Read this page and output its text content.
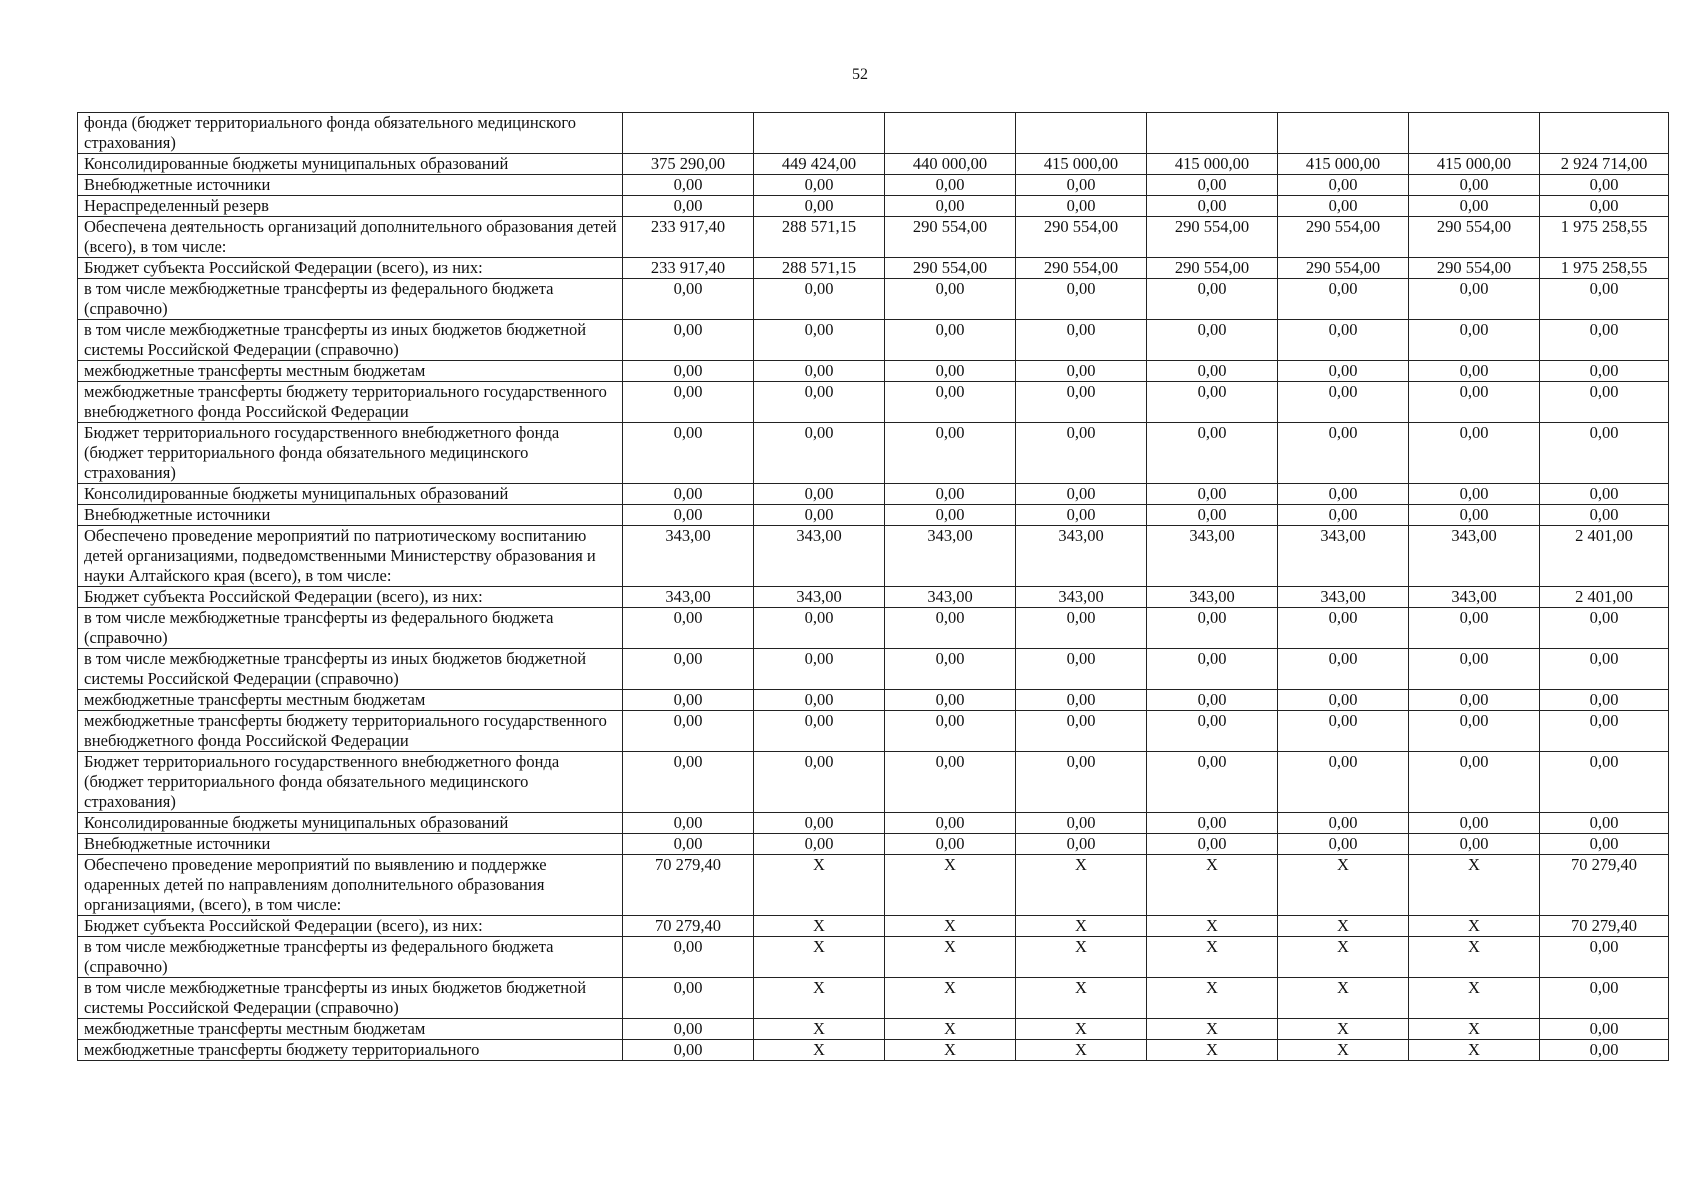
52
фонда (бюджет территориального фонда обязательного медицинского страхования)								
Консолидированные бюджеты муниципальных образований	375 290,00	449 424,00	440 000,00	415 000,00	415 000,00	415 000,00	415 000,00	2 924 714,00
Внебюджетные источники	0,00	0,00	0,00	0,00	0,00	0,00	0,00	0,00
Нераспределенный резерв	0,00	0,00	0,00	0,00	0,00	0,00	0,00	0,00
Обеспечена деятельность организаций дополнительного образования детей (всего), в том числе:	233 917,40	288 571,15	290 554,00	290 554,00	290 554,00	290 554,00	290 554,00	1 975 258,55
Бюджет субъекта Российской Федерации (всего), из них:	233 917,40	288 571,15	290 554,00	290 554,00	290 554,00	290 554,00	290 554,00	1 975 258,55
в том числе межбюджетные трансферты из федерального бюджета (справочно)	0,00	0,00	0,00	0,00	0,00	0,00	0,00	0,00
в том числе межбюджетные трансферты из иных бюджетов бюджетной системы Российской Федерации (справочно)	0,00	0,00	0,00	0,00	0,00	0,00	0,00	0,00
межбюджетные трансферты местным бюджетам	0,00	0,00	0,00	0,00	0,00	0,00	0,00	0,00
межбюджетные трансферты бюджету территориального государственного внебюджетного фонда Российской Федерации	0,00	0,00	0,00	0,00	0,00	0,00	0,00	0,00
Бюджет территориального государственного внебюджетного фонда (бюджет территориального фонда обязательного медицинского страхования)	0,00	0,00	0,00	0,00	0,00	0,00	0,00	0,00
Консолидированные бюджеты муниципальных образований	0,00	0,00	0,00	0,00	0,00	0,00	0,00	0,00
Внебюджетные источники	0,00	0,00	0,00	0,00	0,00	0,00	0,00	0,00
Обеспечено проведение мероприятий по патриотическому воспитанию детей организациями, подведомственными Министерству образования и науки Алтайского края (всего), в том числе:	343,00	343,00	343,00	343,00	343,00	343,00	343,00	2 401,00
Бюджет субъекта Российской Федерации (всего), из них:	343,00	343,00	343,00	343,00	343,00	343,00	343,00	2 401,00
в том числе межбюджетные трансферты из федерального бюджета (справочно)	0,00	0,00	0,00	0,00	0,00	0,00	0,00	0,00
в том числе межбюджетные трансферты из иных бюджетов бюджетной системы Российской Федерации (справочно)	0,00	0,00	0,00	0,00	0,00	0,00	0,00	0,00
межбюджетные трансферты местным бюджетам	0,00	0,00	0,00	0,00	0,00	0,00	0,00	0,00
межбюджетные трансферты бюджету территориального государственного внебюджетного фонда Российской Федерации	0,00	0,00	0,00	0,00	0,00	0,00	0,00	0,00
Бюджет территориального государственного внебюджетного фонда (бюджет территориального фонда обязательного медицинского страхования)	0,00	0,00	0,00	0,00	0,00	0,00	0,00	0,00
Консолидированные бюджеты муниципальных образований	0,00	0,00	0,00	0,00	0,00	0,00	0,00	0,00
Внебюджетные источники	0,00	0,00	0,00	0,00	0,00	0,00	0,00	0,00
Обеспечено проведение мероприятий по выявлению и поддержке одаренных детей по направлениям дополнительного образования организациями, (всего), в том числе:	70 279,40	X	X	X	X	X	X	70 279,40
Бюджет субъекта Российской Федерации (всего), из них:	70 279,40	X	X	X	X	X	X	70 279,40
в том числе межбюджетные трансферты из федерального бюджета (справочно)	0,00	X	X	X	X	X	X	0,00
в том числе межбюджетные трансферты из иных бюджетов бюджетной системы Российской Федерации (справочно)	0,00	X	X	X	X	X	X	0,00
межбюджетные трансферты местным бюджетам	0,00	X	X	X	X	X	X	0,00
межбюджетные трансферты бюджету территориального	0,00	X	X	X	X	X	X	0,00
